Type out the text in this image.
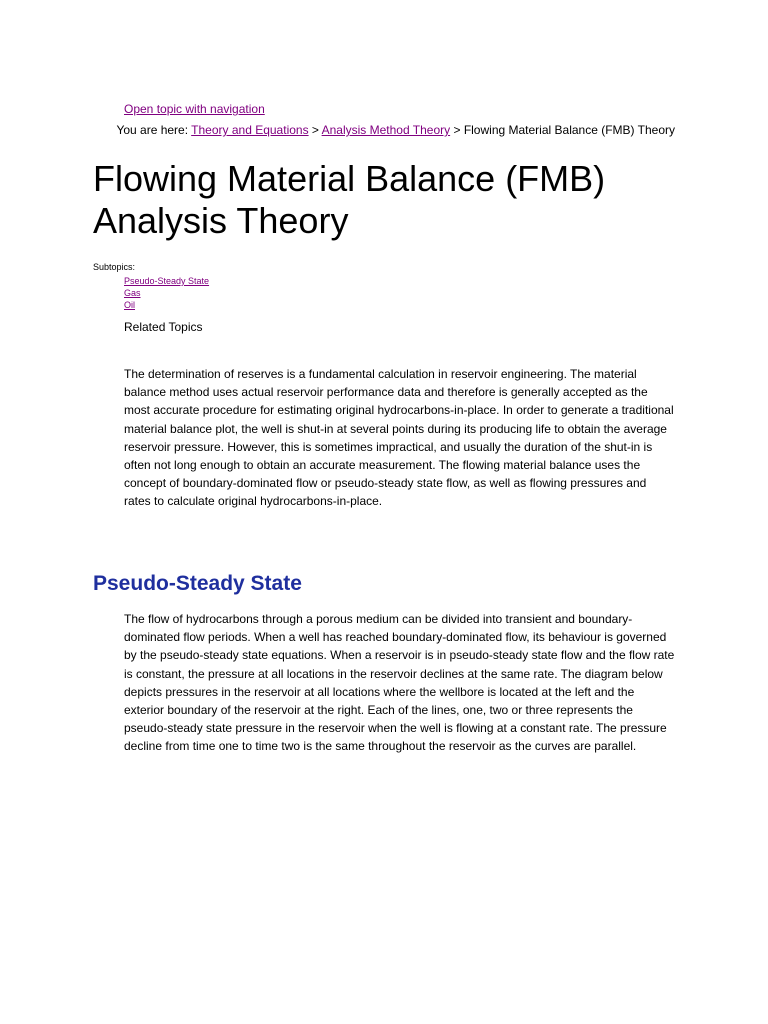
Open topic with navigation
You are here: Theory and Equations > Analysis Method Theory > Flowing Material Balance (FMB) Theory
Flowing Material Balance (FMB) Analysis Theory
Subtopics:
Pseudo-Steady State
Gas
Oil
Related Topics

The determination of reserves is a fundamental calculation in reservoir engineering. The material balance method uses actual reservoir performance data and therefore is generally accepted as the most accurate procedure for estimating original hydrocarbons-in-place. In order to generate a traditional material balance plot, the well is shut-in at several points during its producing life to obtain the average reservoir pressure. However, this is sometimes impractical, and usually the duration of the shut-in is often not long enough to obtain an accurate measurement. The flowing material balance uses the concept of boundary-dominated flow or pseudo-steady state flow, as well as flowing pressures and rates to calculate original hydrocarbons-in-place.

Pseudo-Steady State

The flow of hydrocarbons through a porous medium can be divided into transient and boundary-dominated flow periods. When a well has reached boundary-dominated flow, its behaviour is governed by the pseudo-steady state equations. When a reservoir is in pseudo-steady state flow and the flow rate is constant, the pressure at all locations in the reservoir declines at the same rate. The diagram below depicts pressures in the reservoir at all locations where the wellbore is located at the left and the exterior boundary of the reservoir at the right. Each of the lines, one, two or three represents the pseudo-steady state pressure in the reservoir when the well is flowing at a constant rate. The pressure decline from time one to time two is the same throughout the reservoir as the curves are parallel.
